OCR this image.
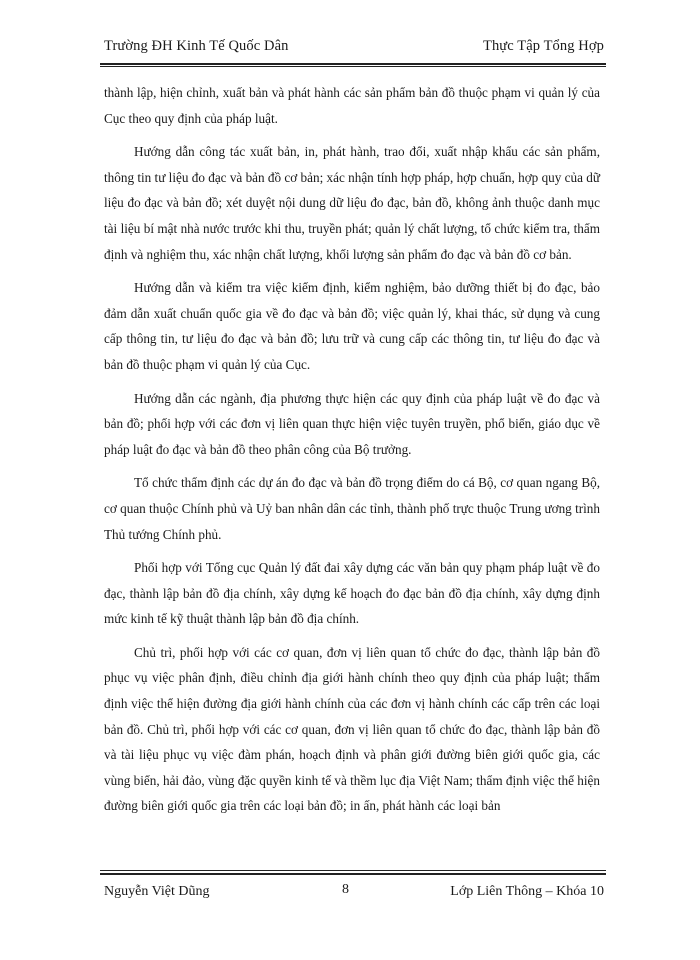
Trường ĐH Kinh Tế Quốc Dân	Thực Tập Tổng Hợp

thành lập, hiện chỉnh, xuất bản và phát hành các sản phẩm bản đồ thuộc phạm vi quản lý của Cục theo quy định của pháp luật.

Hướng dẫn công tác xuất bản, in, phát hành, trao đổi, xuất nhập khẩu các sản phẩm, thông tin tư liệu đo đạc và bản đồ cơ bản; xác nhận tính hợp pháp, hợp chuẩn, hợp quy của dữ liệu đo đạc và bản đồ; xét duyệt nội dung dữ liệu đo đạc, bản đồ, không ảnh thuộc danh mục tài liệu bí mật nhà nước trước khi thu, truyền phát; quản lý chất lượng, tổ chức kiểm tra, thẩm định và nghiệm thu, xác nhận chất lượng, khối lượng sản phẩm đo đạc và bản đồ cơ bản.

Hướng dẫn và kiểm tra việc kiểm định, kiểm nghiệm, bảo dưỡng thiết bị đo đạc, bảo đảm dẫn xuất chuẩn quốc gia về đo đạc và bản đồ; việc quản lý, khai thác, sử dụng và cung cấp thông tin, tư liệu đo đạc và bản đồ; lưu trữ và cung cấp các thông tin, tư liệu đo đạc và bản đồ thuộc phạm vi quản lý của Cục.

Hướng dẫn các ngành, địa phương thực hiện các quy định của pháp luật về đo đạc và bản đồ; phối hợp với các đơn vị liên quan thực hiện việc tuyên truyền, phổ biến, giáo dục về pháp luật đo đạc và bản đồ theo phân công của Bộ trưởng.

Tổ chức thẩm định các dự án đo đạc và bản đồ trọng điểm do cá Bộ, cơ quan ngang Bộ, cơ quan thuộc Chính phủ và Uỷ ban nhân dân các tỉnh, thành phố trực thuộc Trung ương trình Thủ tướng Chính phủ.

Phối hợp với Tổng cục Quản lý đất đai xây dựng các văn bản quy phạm pháp luật về đo đạc, thành lập bản đồ địa chính, xây dựng kế hoạch đo đạc bản đồ địa chính, xây dựng định mức kinh tế kỹ thuật thành lập bản đồ địa chính.

Chủ trì, phối hợp với các cơ quan, đơn vị liên quan tổ chức đo đạc, thành lập bản đồ phục vụ việc phân định, điều chỉnh địa giới hành chính theo quy định của pháp luật; thẩm định việc thể hiện đường địa giới hành chính của các đơn vị hành chính các cấp trên các loại bản đồ. Chủ trì, phối hợp với các cơ quan, đơn vị liên quan tổ chức đo đạc, thành lập bản đồ và tài liệu phục vụ việc đàm phán, hoạch định và phân giới đường biên giới quốc gia, các vùng biển, hải đảo, vùng đặc quyền kinh tế và thềm lục địa Việt Nam; thẩm định việc thể hiện đường biên giới quốc gia trên các loại bản đồ; in ấn, phát hành các loại bản

Nguyễn Việt Dũng	8	Lớp Liên Thông – Khóa 10
